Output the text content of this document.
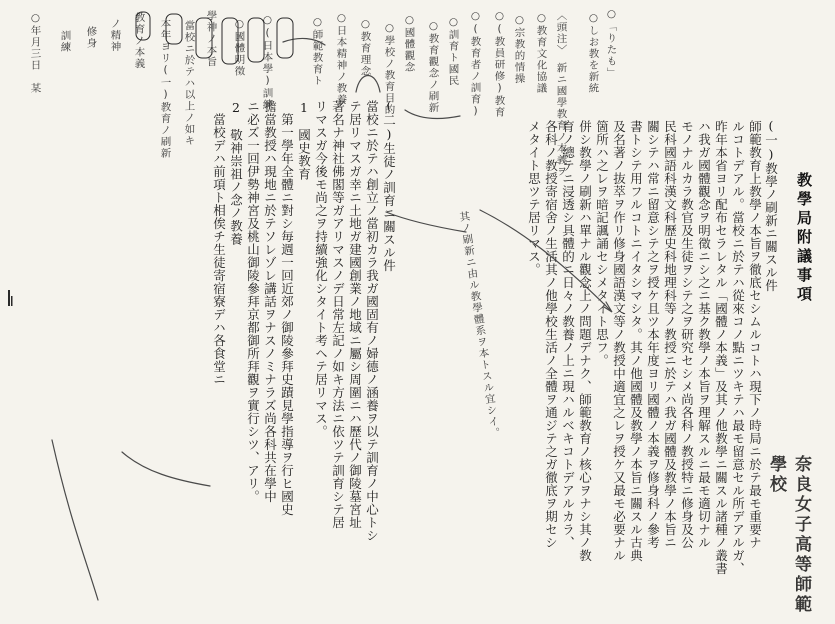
教學局附議事項
(一)教學ノ刷新ニ關スル件
師範教育上教學ノ本旨ヲ徹底セシムルコトハ現下ノ時局ニ於テ最モ重要ナ
ルコトデアル。當校ニ於テハ從來コノ點ニツキテハ最モ留意セル所デアルガ、
昨年本省ヨリ配布セラレタル「國體ノ本義」及其ノ他教學ニ關スル諸種ノ叢書
ハ我ガ國體觀念ヲ明徵ニシ之ニ基ク教學ノ本旨ヲ理解スルニ最モ適切ナル
モノナルカラ教官及生徒ヲシテ之ヲ研究セシメ尚各科ノ教授特ニ修身及公
民科國語科漢文科歷史科地理科等ノ教授ニ於テハ我ガ國體及教學ノ本旨ニ
關シテハ常ニ留意シテ之ヲ授ケ且ツ本年度ヨリ國體ノ本義ヲ修身科ノ參考
書トシテ用フルコトニイタシマシタ。其ノ他國體及教學ノ本旨ニ關スル古典
及名著ノ抜萃ヲ作リ修身國語漢文等ノ教授中適宜之レヲ授ケ又最モ必要ナル
箇所ハ之レヲ暗記諷誦セシメタイト思フ。
併シ教學ノ刷新ハ單ナル觀念上ノ問題デナク、師範教育ノ核心ヲナシ其ノ教
育ノ總テニ浸透シ具體的ニ日々ノ教養ノ上ニ現ハルベキコトデアルカラ、
各科ノ教授寄宿舍ノ生活其ノ他學校生活ノ全體ヲ通ジテ之ガ徹底ヲ期セシ
メタイト思ツテ居リマス。
(二)生徒ノ訓育ニ關スル件
當校ニ於テハ創立ノ當初カラ我ガ國固有ノ婦德ノ涵養ヲ以テ訓育ノ中心トシ
テ居リマスガ幸ニ土地ガ建國創業ノ地域ニ屬シ周圍ニハ歷代ノ御陵墓宮址
著名ナ神社佛閣等ガアリマスノデ日常左記ノ如キ方法ニ依ツテ訓育シテ居
リマスガ今後モ尚之ヲ持續強化シタイト考ヘテ居リマス。
1　國史教育
　第一學年全體ニ對シ毎週一回近郊ノ御陵參拜史蹟見學指導ヲ行ヒ國史
擔當教授ハ現地ニ於テソレゾレ講話ヲナスノミナラズ尚各科共在學中
ニ必ズ一回伊勢神宮及桃山御陵參拜京都御所拜觀ヲ實行シツ、アリ。
2　敬神崇祖ノ念ノ教養
　當校デハ前項ト相俟チ生徒寄宿寮デハ各食堂ニ
奈良女子高等師範學校
○「りたも」
○しお教を新統
〈頭注〉　新ニ國學教育ノ本義ヲ
○教育文化協議
○宗教的情操
○(教員研修)教育
○(教育者ノ訓育)
○訓育ト國民
○教育觀念ノ刷新
○國體觀念
○學校ノ教育目的
○教育理念
○日本精神ノ教養
○師範教育ト
○(日本學)訓練
○國體明徵
○年月三日　某
其ノ刷新ニ由ル教學體系ヲ本トスル宜シイ。
學神ノ本旨
當校ニ於テハ以上ノ如キ
本年ヨリ(一)教育ノ刷新
教育ノ本義
ノ精神
修身
訓練
